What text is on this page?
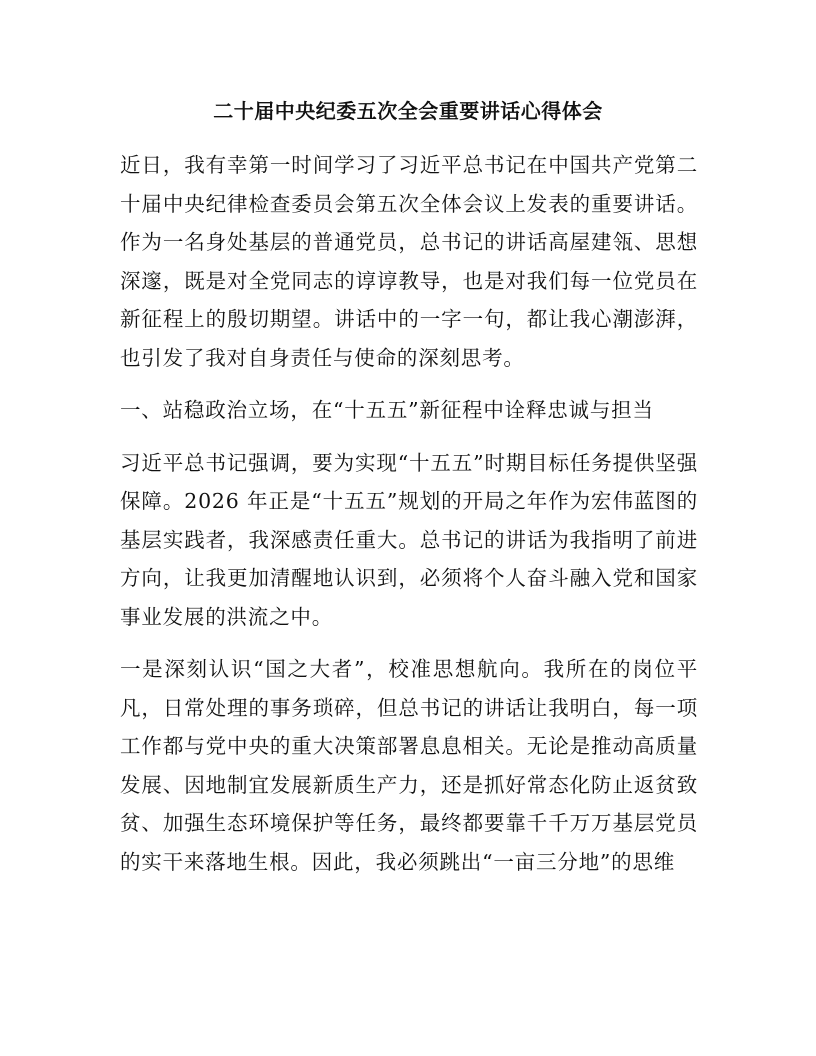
二十届中央纪委五次全会重要讲话心得体会

近日，我有幸第一时间学习了习近平总书记在中国共产党第二十届中央纪律检查委员会第五次全体会议上发表的重要讲话。作为一名身处基层的普通党员，总书记的讲话高屋建瓴、思想深邃，既是对全党同志的谆谆教导，也是对我们每一位党员在新征程上的殷切期望。讲话中的一字一句，都让我心潮澎湃，也引发了我对自身责任与使命的深刻思考。

一、站稳政治立场，在“十五五”新征程中诠释忠诚与担当

习近平总书记强调，要为实现“十五五”时期目标任务提供坚强保障。2026 年正是“十五五”规划的开局之年作为宏伟蓝图的基层实践者，我深感责任重大。总书记的讲话为我指明了前进方向，让我更加清醒地认识到，必须将个人奋斗融入党和国家事业发展的洪流之中。

一是深刻认识“国之大者”，校准思想航向。我所在的岗位平凡，日常处理的事务琐碎，但总书记的讲话让我明白，每一项工作都与党中央的重大决策部署息息相关。无论是推动高质量发展、因地制宜发展新质生产力，还是抓好常态化防止返贫致贫、加强生态环境保护等任务，最终都要靠千千万万基层党员的实干来落地生根。因此，我必须跳出“一亩三分地”的思维
